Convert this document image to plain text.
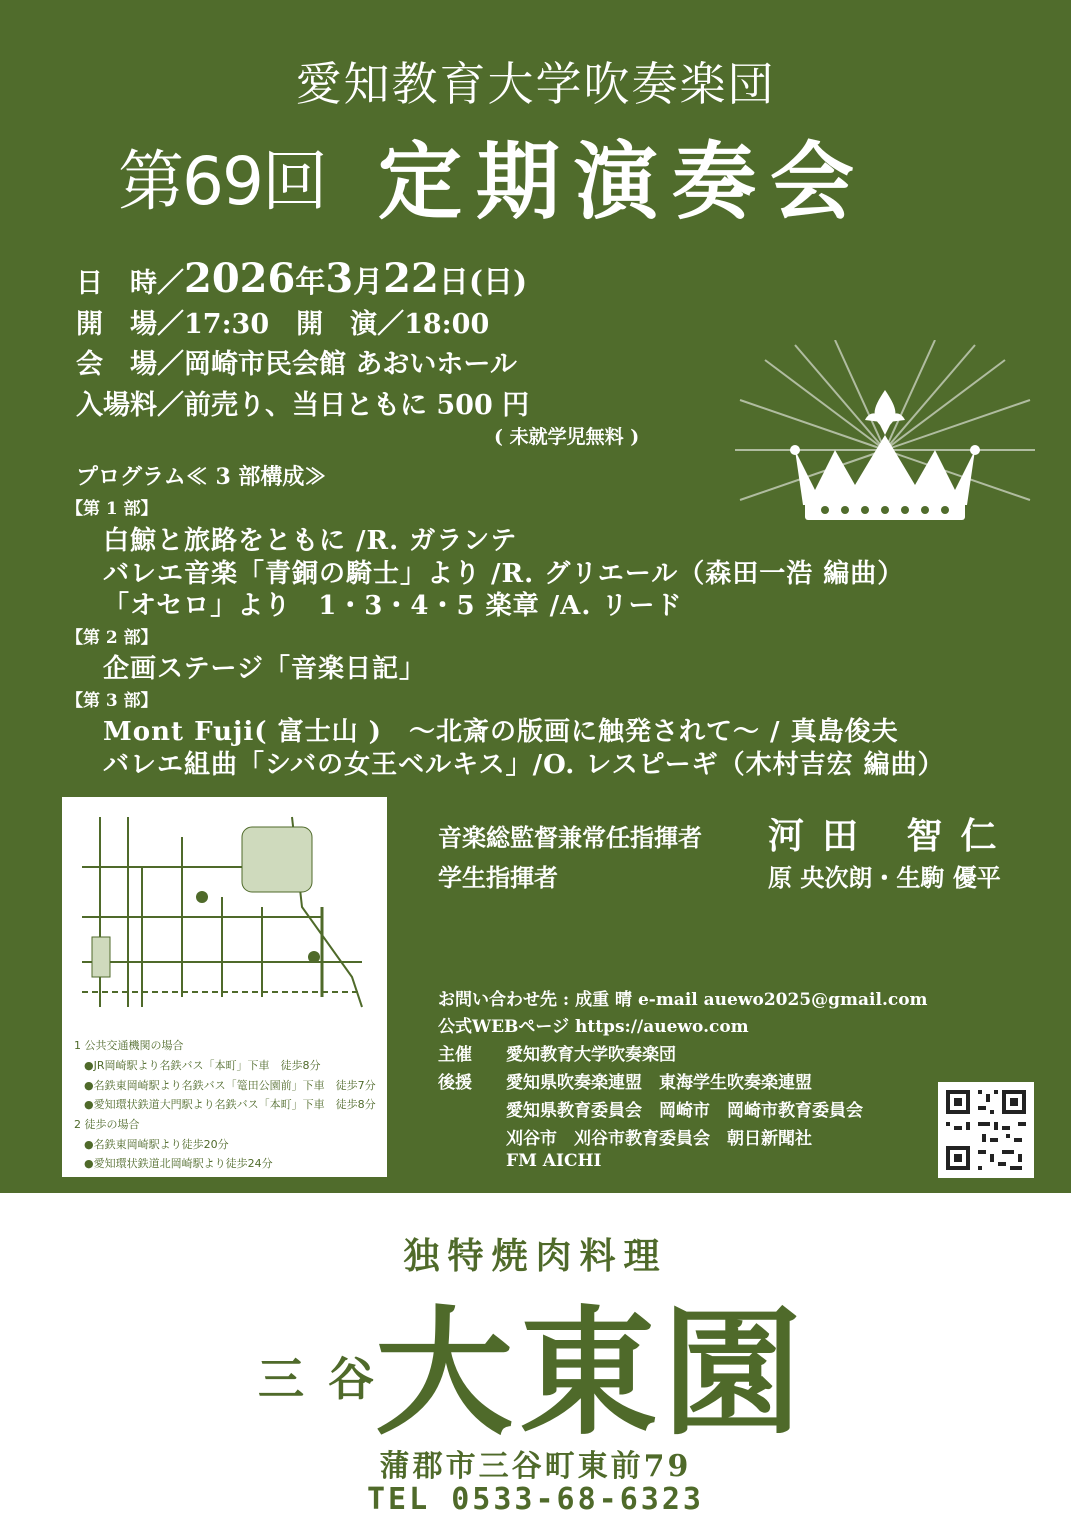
愛知教育大学吹奏楽団
第69回 定期演奏会
日　時／2026年3月22日(日)
開　場／17:30　開　演／18:00
会　場／岡崎市民会館 あおいホール
入場料／前売り、当日ともに 500 円
( 未就学児無料 )
プログラム≪ 3 部構成≫
【第 1 部】
白鯨と旅路をともに /R. ガランテ
バレエ音楽「青銅の騎士」より /R. グリエール（森田一浩 編曲）
「オセロ」より　1・3・4・5 楽章 /A. リード
【第 2 部】
企画ステージ「音楽日記」
【第 3 部】
Mont Fuji( 富士山 )　～北斎の版画に触発されて～ / 真島俊夫
バレエ組曲「シバの女王ベルキス」/O. レスピーギ（木村吉宏 編曲）
音楽総監督兼常任指揮者 河田 智仁
学生指揮者	原 央次朗・生駒 優平
お問い合わせ先 : 成重 晴 e-mail auewo2025@gmail.com
公式WEBページ https://auewo.com
主催 愛知教育大学吹奏楽団
後援 愛知県吹奏楽連盟　東海学生吹奏楽連盟
愛知県教育委員会　岡崎市　岡崎市教育委員会
刈谷市　刈谷市教育委員会　朝日新聞社
FM AICHI
1 公共交通機関の場合
●JR岡崎駅より名鉄バス「本町」下車　徒歩8分
●名鉄東岡崎駅より名鉄バス「篭田公園前」下車　徒歩7分
●愛知環状鉄道大門駅より名鉄バス「本町」下車　徒歩8分
2 徒歩の場合
●名鉄東岡崎駅より徒歩20分
●愛知環状鉄道北岡崎駅より徒歩24分
独特焼肉料理
三谷
大東園
蒲郡市三谷町東前79
TEL 0533-68-6323
